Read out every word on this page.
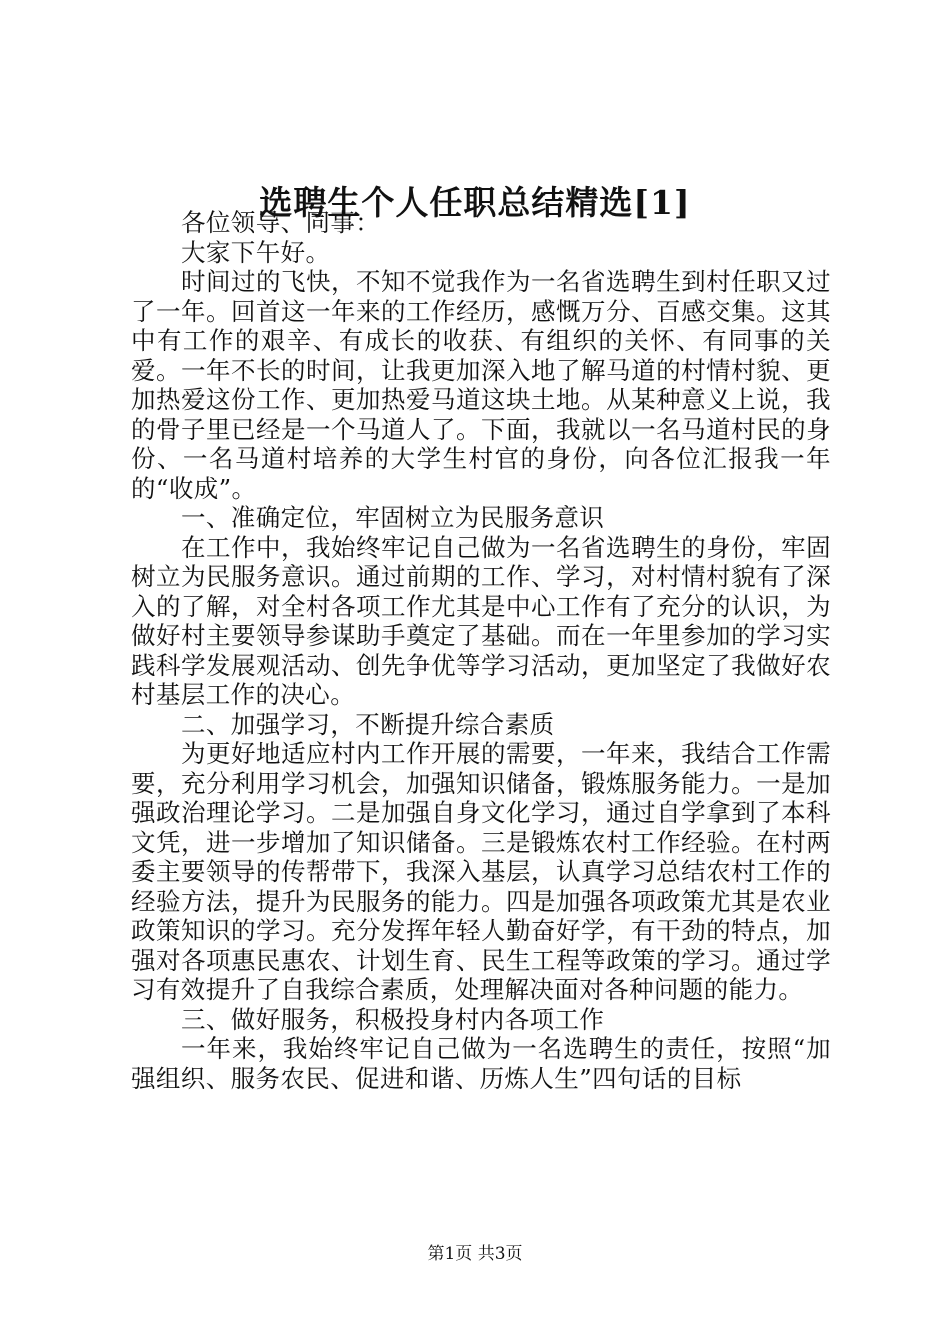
选聘生个人任职总结精选[1]

各位领导、同事：

大家下午好。

时间过的飞快，不知不觉我作为一名省选聘生到村任职又过了一年。回首这一年来的工作经历，感慨万分、百感交集。这其中有工作的艰辛、有成长的收获、有组织的关怀、有同事的关爱。一年不长的时间，让我更加深入地了解马道的村情村貌、更加热爱这份工作、更加热爱马道这块土地。从某种意义上说，我的骨子里已经是一个马道人了。下面，我就以一名马道村民的身份、一名马道村培养的大学生村官的身份，向各位汇报我一年的“收成”。

一、准确定位，牢固树立为民服务意识

在工作中，我始终牢记自己做为一名省选聘生的身份，牢固树立为民服务意识。通过前期的工作、学习，对村情村貌有了深入的了解，对全村各项工作尤其是中心工作有了充分的认识，为做好村主要领导参谋助手奠定了基础。而在一年里参加的学习实践科学发展观活动、创先争优等学习活动，更加坚定了我做好农村基层工作的决心。

二、加强学习，不断提升综合素质

为更好地适应村内工作开展的需要，一年来，我结合工作需要，充分利用学习机会，加强知识储备，锻炼服务能力。一是加强政治理论学习。二是加强自身文化学习，通过自学拿到了本科文凭，进一步增加了知识储备。三是锻炼农村工作经验。在村两委主要领导的传帮带下，我深入基层，认真学习总结农村工作的经验方法，提升为民服务的能力。四是加强各项政策尤其是农业政策知识的学习。充分发挥年轻人勤奋好学，有干劲的特点，加强对各项惠民惠农、计划生育、民生工程等政策的学习。通过学习有效提升了自我综合素质，处理解决面对各种问题的能力。

三、做好服务，积极投身村内各项工作

一年来，我始终牢记自己做为一名选聘生的责任，按照“加强组织、服务农民、促进和谐、历炼人生”四句话的目标

第1页 共3页
